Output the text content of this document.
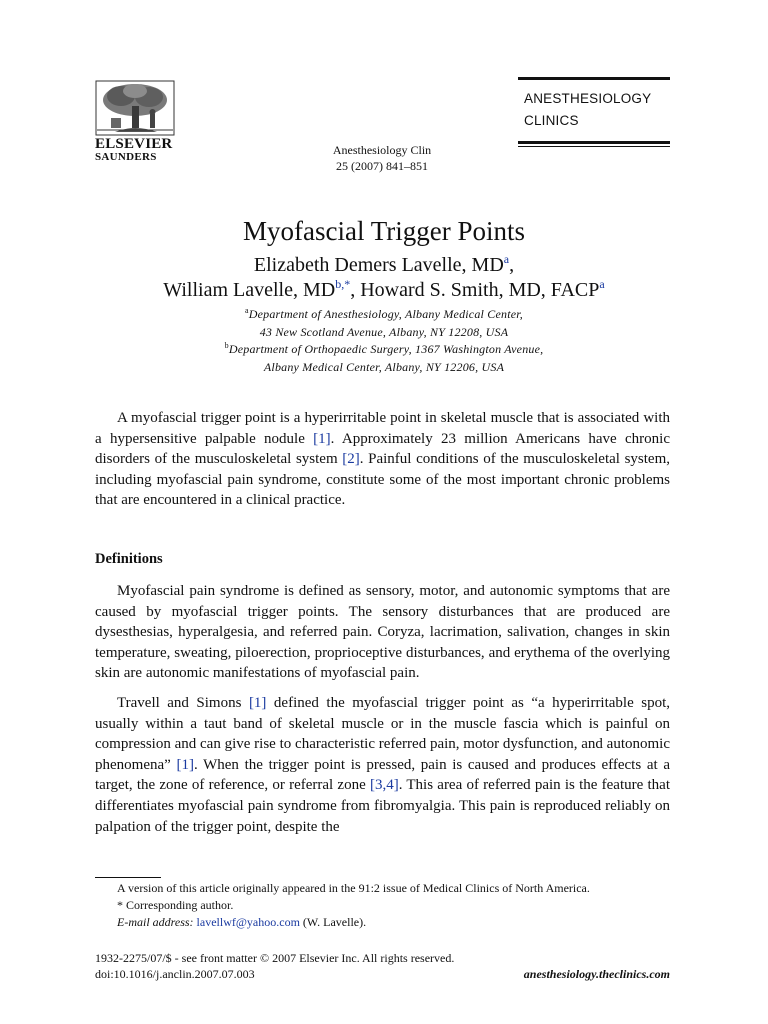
ELSEVIER
SAUNDERS	Anesthesiology Clin
25 (2007) 841–851
ANESTHESIOLOGY
CLINICS
Myofascial Trigger Points
Elizabeth Demers Lavelle, $MD^a$,
William Lavelle, $MD^{b,*}$, Howard S. Smith, MD, FACP$^a$
$^a$Department of Anesthesiology, Albany Medical Center,
43 New Scotland Avenue, Albany, NY 12208, USA
$^b$Department of Orthopaedic Surgery, 1367 Washington Avenue,
Albany Medical Center, Albany, NY 12206, USA

A myofascial trigger point is a hyperirritable point in skeletal muscle that is associated with a hypersensitive palpable nodule [1]. Approximately 23 million Americans have chronic disorders of the musculoskeletal system [2]. Painful conditions of the musculoskeletal system, including myofascial pain syndrome, constitute some of the most important chronic problems that are encountered in a clinical practice.

Definitions

Myofascial pain syndrome is defined as sensory, motor, and autonomic symptoms that are caused by myofascial trigger points. The sensory disturbances that are produced are dysesthesias, hyperalgesia, and referred pain. Coryza, lacrimation, salivation, changes in skin temperature, sweating, piloerection, proprioceptive disturbances, and erythema of the overlying skin are autonomic manifestations of myofascial pain.

Travell and Simons [1] defined the myofascial trigger point as “a hyperirritable spot, usually within a taut band of skeletal muscle or in the muscle fascia which is painful on compression and can give rise to characteristic referred pain, motor dysfunction, and autonomic phenomena” [1]. When the trigger point is pressed, pain is caused and produces effects at a target, the zone of reference, or referral zone [3,4]. This area of referred pain is the feature that differentiates myofascial pain syndrome from fibromyalgia. This pain is reproduced reliably on palpation of the trigger point, despite the

A version of this article originally appeared in the 91:2 issue of Medical Clinics of North America.
* Corresponding author.
E-mail address: lavellwf@yahoo.com (W. Lavelle).
1932-2275/07/$ - see front matter © 2007 Elsevier Inc. All rights reserved.
doi:10.1016/j.anclin.2007.07.003	anesthesiology.theclinics.com
